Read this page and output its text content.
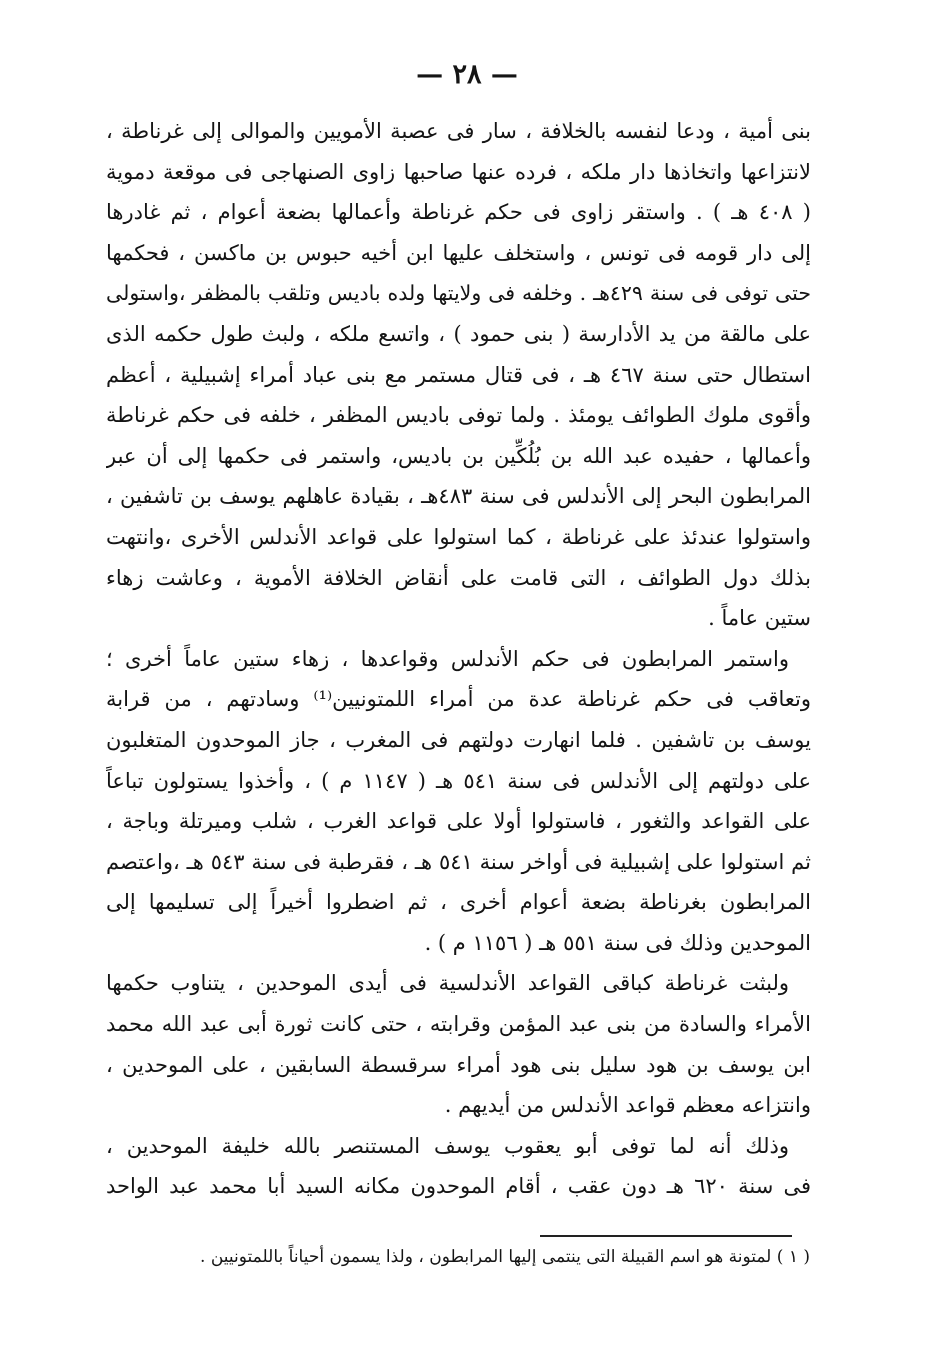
— ٢٨ —

بنى أمية ، ودعا لنفسه بالخلافة ، سار فى عصبة الأمويين والموالى إلى غرناطة ،
لانتزاعها واتخاذها دار ملكه ، فرده عنها صاحبها زاوى الصنهاجى فى موقعة دموية
( ٤٠٨ هـ ) . واستقر زاوى فى حكم غرناطة وأعمالها بضعة أعوام ، ثم غادرها
إلى دار قومه فى تونس ، واستخلف عليها ابن أخيه حبوس بن ماكسن ، فحكمها
حتى توفى فى سنة ٤٢٩هـ . وخلفه فى ولايتها ولده باديس وتلقب بالمظفر ،واستولى
على مالقة من يد الأدارسة ( بنى حمود ) ، واتسع ملكه ، ولبث طول حكمه الذى
استطال حتى سنة ٤٦٧ هـ ، فى قتال مستمر مع بنى عباد أمراء إشبيلية ، أعظم
وأقوى ملوك الطوائف يومئذ . ولما توفى باديس المظفر ، خلفه فى حكم غرناطة
وأعمالها ، حفيده عبد الله بن بُلُكِّين بن باديس، واستمر فى حكمها إلى أن عبر
المرابطون البحر إلى الأندلس فى سنة ٤٨٣هـ ، بقيادة عاهلهم يوسف بن تاشفين ،
واستولوا عندئذ على غرناطة ، كما استولوا على قواعد الأندلس الأخرى ،وانتهت
بذلك دول الطوائف ، التى قامت على أنقاض الخلافة الأموية ، وعاشت زهاء
ستين عاماً .

واستمر المرابطون فى حكم الأندلس وقواعدها ، زهاء ستين عاماً أخرى ؛
وتعاقب فى حكم غرناطة عدة من أمراء اللمتونيين⁽¹⁾ وسادتهم ، من قرابة
يوسف بن تاشفين . فلما انهارت دولتهم فى المغرب ، جاز الموحدون المتغلبون
على دولتهم إلى الأندلس فى سنة ٥٤١ هـ ( ١١٤٧ م ) ، وأخذوا يستولون تباعاً
على القواعد والثغور ، فاستولوا أولا على قواعد الغرب ، شلب وميرتلة وباجة ،
ثم استولوا على إشبيلية فى أواخر سنة ٥٤١ هـ ، فقرطبة فى سنة ٥٤٣ هـ ،واعتصم
المرابطون بغرناطة بضعة أعوام أخرى ، ثم اضطروا أخيراً إلى تسليمها إلى
الموحدين وذلك فى سنة ٥٥١ هـ ( ١١٥٦ م ) .

ولبثت غرناطة كباقى القواعد الأندلسية فى أيدى الموحدين ، يتناوب حكمها
الأمراء والسادة من بنى عبد المؤمن وقرابته ، حتى كانت ثورة أبى عبد الله محمد
ابن يوسف بن هود سليل بنى هود أمراء سرقسطة السابقين ، على الموحدين ،
وانتزاعه معظم قواعد الأندلس من أيديهم .

وذلك أنه لما توفى أبو يعقوب يوسف المستنصر بالله خليفة الموحدين ،
فى سنة ٦٢٠ هـ دون عقب ، أقام الموحدون مكانه السيد أبا محمد عبد الواحد

( ١ ) لمتونة هو اسم القبيلة التى ينتمى إليها المرابطون ، ولذا يسمون أحياناً باللمتونيين .
